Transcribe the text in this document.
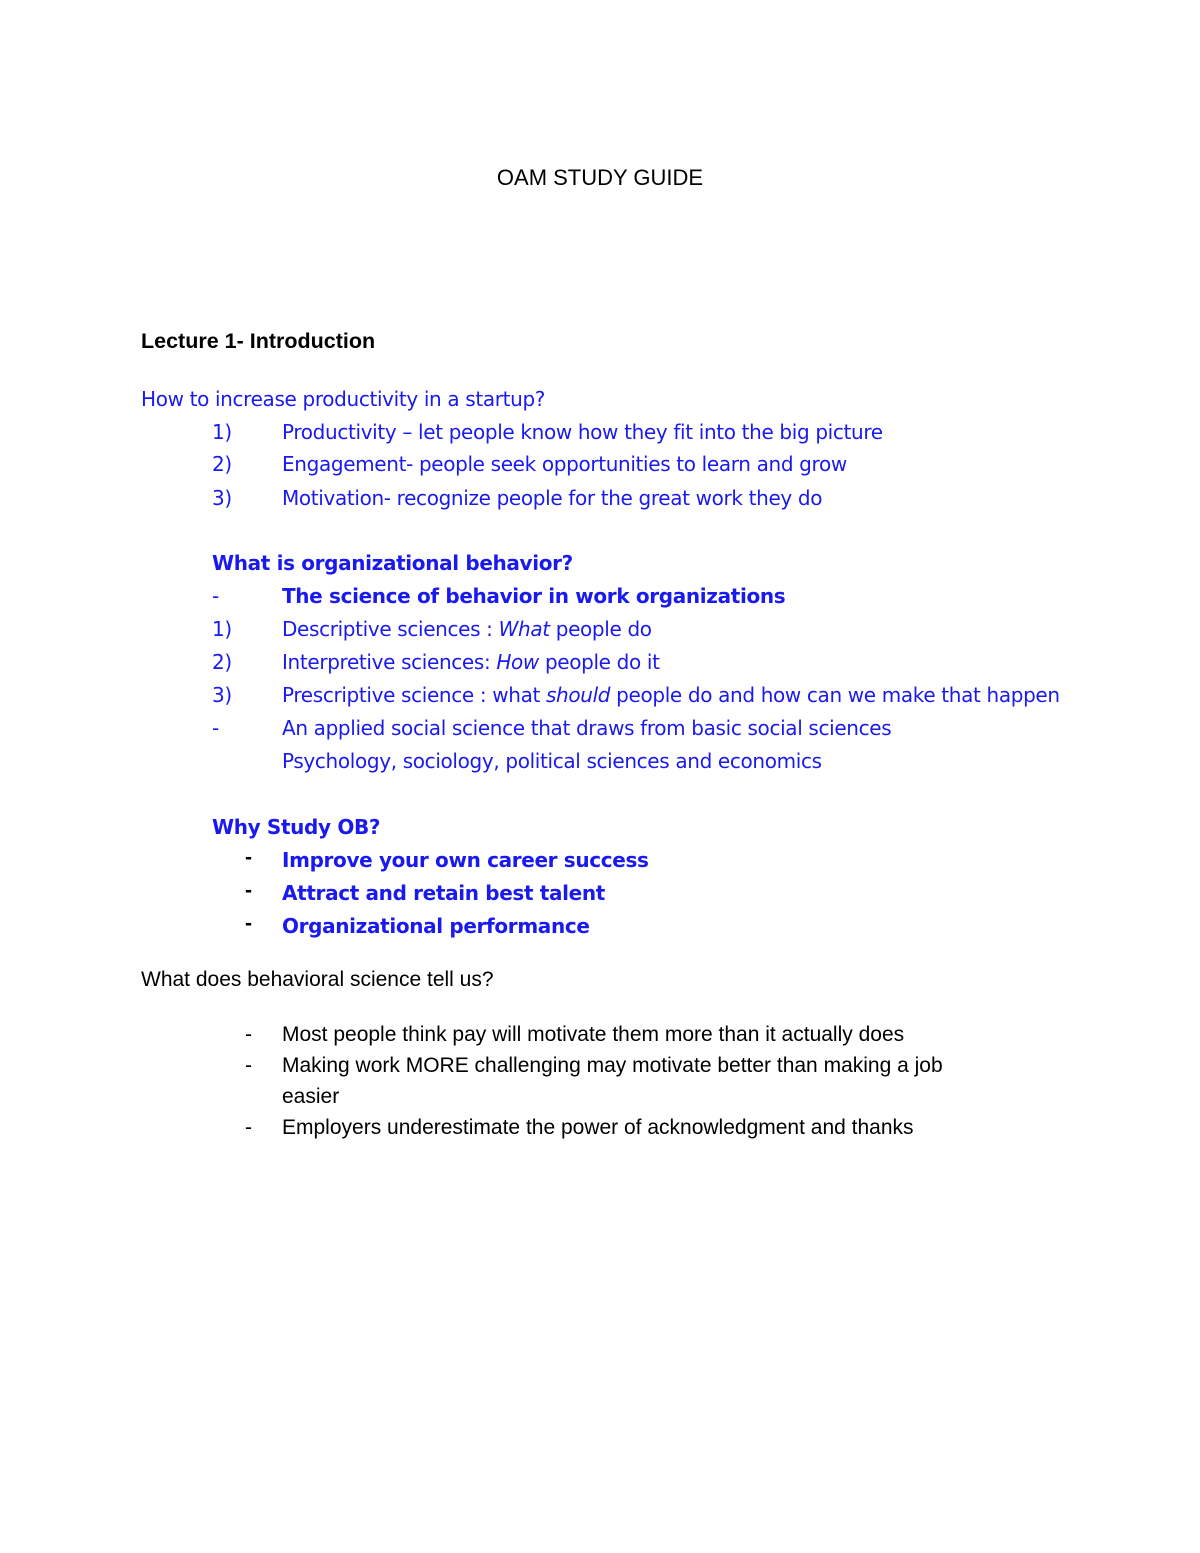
OAM STUDY GUIDE
Lecture 1- Introduction
How to increase productivity in a startup?
1)	Productivity – let people know how they fit into the big picture
2)	Engagement- people seek opportunities to learn and grow
3)	Motivation- recognize people for the great work they do
What is organizational behavior?
-	The science of behavior in work organizations
1)	Descriptive sciences : What people do
2)	Interpretive sciences: How people do it
3)	Prescriptive science : what should people do and how can we make that happen
-	An applied social science that draws from basic social sciences
Psychology, sociology, political sciences and economics
Why Study OB?
- Improve your own career success
- Attract and retain best talent
- Organizational performance
What does behavioral science tell us?
- Most people think pay will motivate them more than it actually does
- Making work MORE challenging may motivate better than making a job
easier
- Employers underestimate the power of acknowledgment and thanks
